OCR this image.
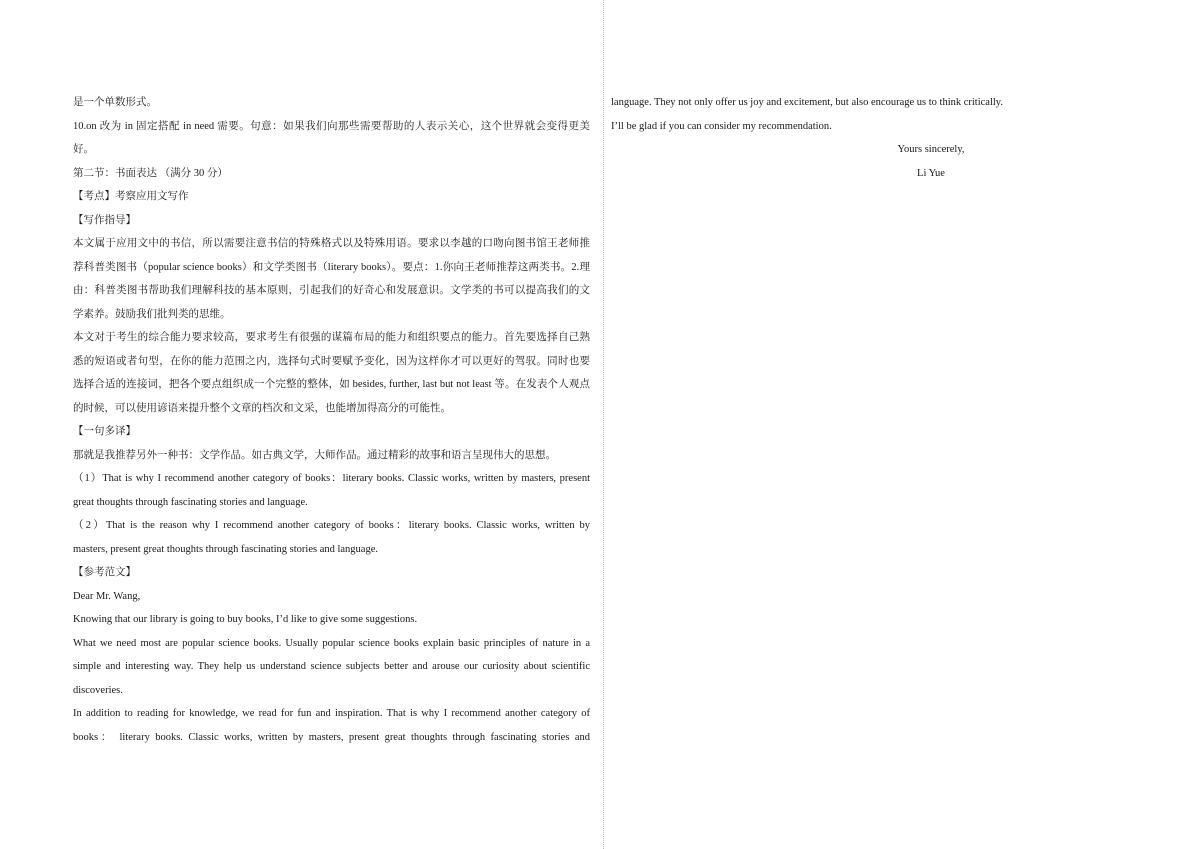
是一个单数形式。
10.on 改为 in 固定搭配 in need 需要。句意：如果我们向那些需要帮助的人表示关心，这个世界就会变得更美
好。
第二节：书面表达 （满分 30 分）
【考点】考察应用文写作
【写作指导】
本文属于应用文中的书信，所以需要注意书信的特殊格式以及特殊用语。要求以李越的口吻向图书馆王老师推
荐科普类图书（popular science books）和文学类图书（literary books）。要点：1.你向王老师推荐这两类书。2.理
由：科普类图书帮助我们理解科技的基本原则，引起我们的好奇心和发展意识。文学类的书可以提高我们的文
学素养。鼓励我们批判类的思维。
本文对于考生的综合能力要求较高，要求考生有很强的谋篇布局的能力和组织要点的能力。首先要选择自己熟
悉的短语或者句型，在你的能力范围之内，选择句式时要赋予变化，因为这样你才可以更好的驾驭。同时也要
选择合适的连接词，把各个要点组织成一个完整的整体，如 besides, further, last but not least 等。在发表个人观点
的时候，可以使用谚语来提升整个文章的档次和文采，也能增加得高分的可能性。
【一句多译】
那就是我推荐另外一种书：文学作品。如古典文学，大师作品。通过精彩的故事和语言呈现伟大的思想。
（1）That is why I recommend another category of books：literary books. Classic works, written by masters, present
great thoughts through fascinating stories and language.
（2）That is the reason why I recommend another category of books：literary books. Classic works, written by
masters, present great thoughts through fascinating stories and language.
【参考范文】
Dear Mr. Wang,
Knowing that our library is going to buy books, I’d like to give some suggestions.
What we need most are popular science books. Usually popular science books explain basic principles of nature in a
simple and interesting way. They help us understand science subjects better and arouse our curiosity about scientific
discoveries.
In addition to reading for knowledge, we read for fun and inspiration. That is why I recommend another category of
books： literary books. Classic works, written by masters, present great thoughts through fascinating stories and
language. They not only offer us joy and excitement, but also encourage us to think critically.
I’ll be glad if you can consider my recommendation.
Yours sincerely,
Li Yue
